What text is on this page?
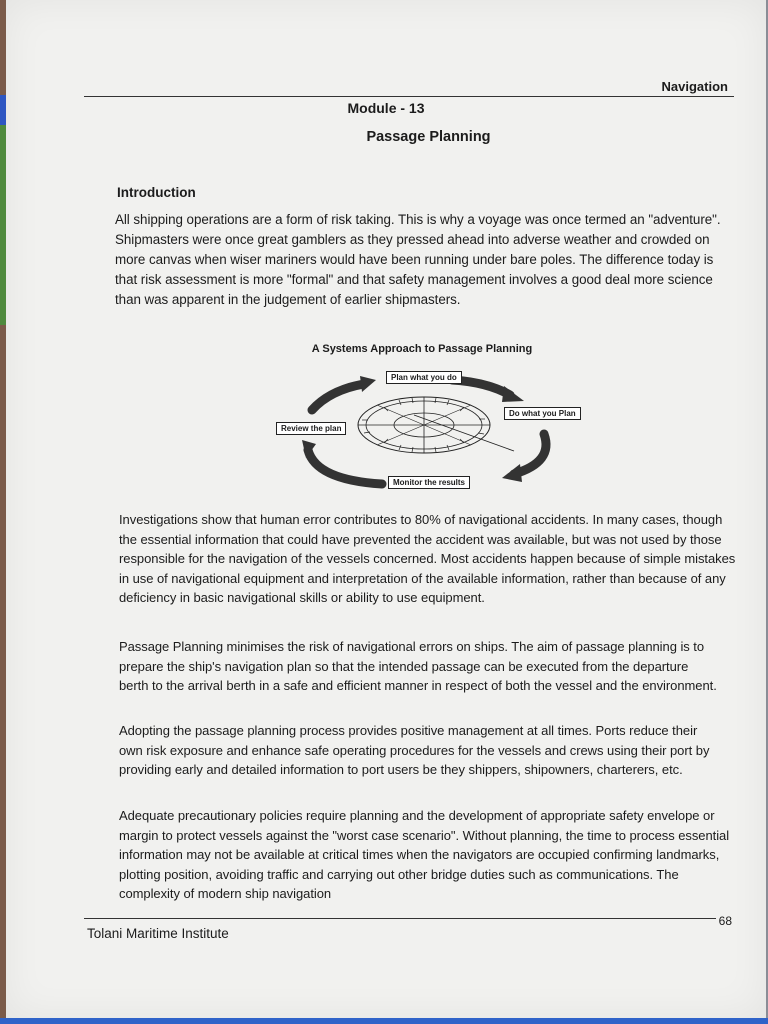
Navigation
Module - 13
Passage Planning
Introduction
All shipping operations are a form of risk taking. This is why a voyage was once termed an "adventure". Shipmasters were once great gamblers as they pressed ahead into adverse weather and crowded on more canvas when wiser mariners would have been running under bare poles. The difference today is that risk assessment is more "formal" and that safety management involves a good deal more science than was apparent in the judgement of earlier shipmasters.
A Systems Approach to Passage Planning
Plan what you do
Do what you Plan
Monitor the results
Review the plan
Investigations show that human error contributes to 80% of navigational accidents. In many cases, though the essential information that could have prevented the accident was available, but was not used by those responsible for the navigation of the vessels concerned. Most accidents happen because of simple mistakes in use of navigational equipment and interpretation of the available information, rather than because of any deficiency in basic navigational skills or ability to use equipment.
Passage Planning minimises the risk of navigational errors on ships. The aim of passage planning is to prepare the ship's navigation plan so that the intended passage can be executed from the departure berth to the arrival berth in a safe and efficient manner in respect of both the vessel and the environment.
Adopting the passage planning process provides positive management at all times. Ports reduce their own risk exposure and enhance safe operating procedures for the vessels and crews using their port by providing early and detailed information to port users be they shippers, shipowners, charterers, etc.
Adequate precautionary policies require planning and the development of appropriate safety envelope or margin to protect vessels against the "worst case scenario". Without planning, the time to process essential information may not be available at critical times when the navigators are occupied confirming landmarks, plotting position, avoiding traffic and carrying out other bridge duties such as communications. The complexity of modern ship navigation
68
Tolani Maritime Institute
